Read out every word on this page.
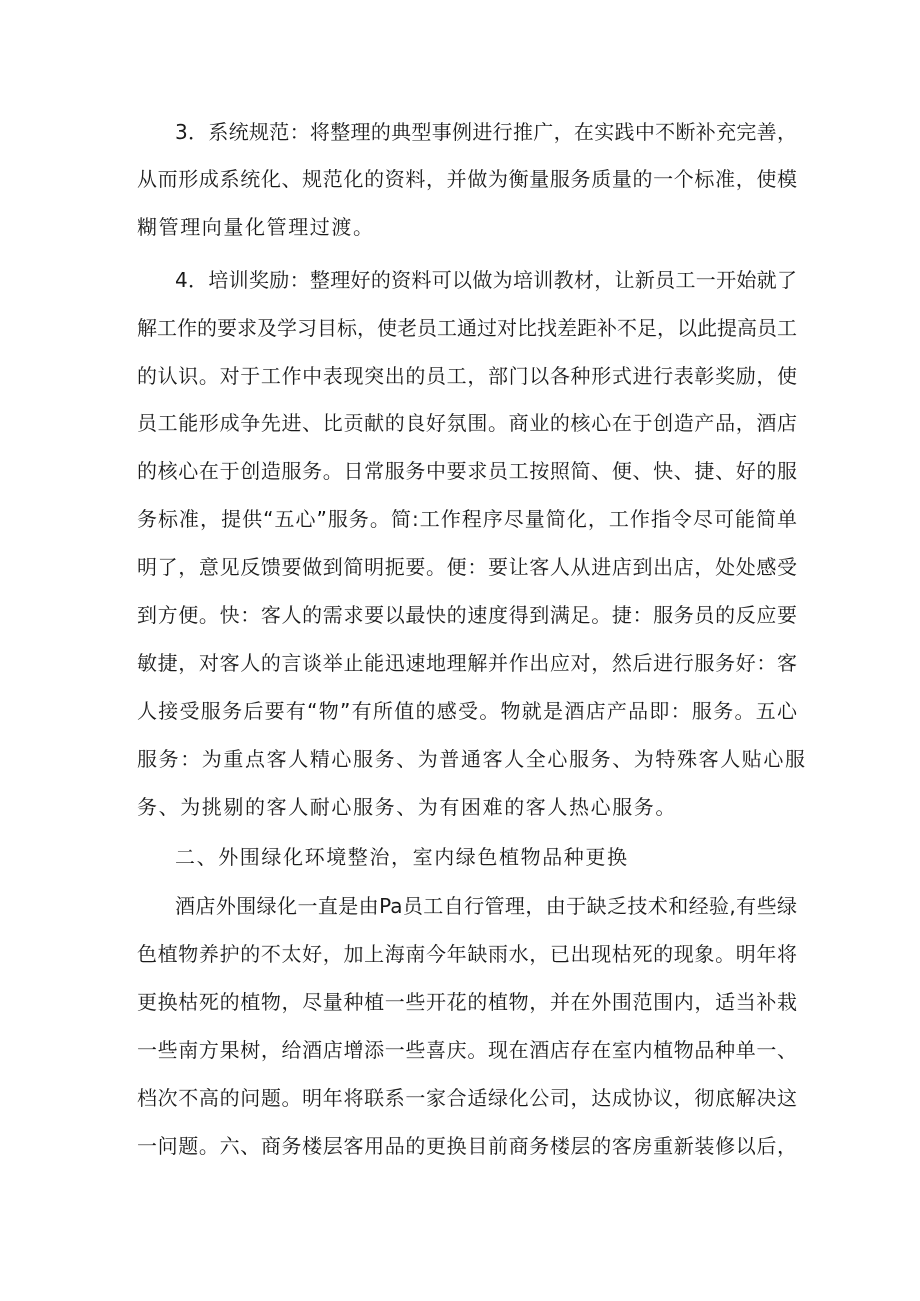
3．系统规范：将整理的典型事例进行推广，在实践中不断补充完善，
从而形成系统化、规范化的资料，并做为衡量服务质量的一个标准，使模
糊管理向量化管理过渡。
4．培训奖励：整理好的资料可以做为培训教材，让新员工一开始就了
解工作的要求及学习目标，使老员工通过对比找差距补不足，以此提高员工
的认识。对于工作中表现突出的员工，部门以各种形式进行表彰奖励，使
员工能形成争先进、比贡献的良好氛围。商业的核心在于创造产品，酒店
的核心在于创造服务。日常服务中要求员工按照简、便、快、捷、好的服
务标准，提供“五心”服务。简:工作程序尽量简化，工作指令尽可能简单
明了，意见反馈要做到简明扼要。便：要让客人从进店到出店，处处感受
到方便。快：客人的需求要以最快的速度得到满足。捷：服务员的反应要
敏捷，对客人的言谈举止能迅速地理解并作出应对，然后进行服务好：客
人接受服务后要有“物”有所值的感受。物就是酒店产品即：服务。五心
服务：为重点客人精心服务、为普通客人全心服务、为特殊客人贴心服
务、为挑剔的客人耐心服务、为有困难的客人热心服务。
二、外围绿化环境整治，室内绿色植物品种更换
酒店外围绿化一直是由Pa员工自行管理，由于缺乏技术和经验,有些绿
色植物养护的不太好，加上海南今年缺雨水，已出现枯死的现象。明年将
更换枯死的植物，尽量种植一些开花的植物，并在外围范围内，适当补栽
一些南方果树，给酒店增添一些喜庆。现在酒店存在室内植物品种单一、
档次不高的问题。明年将联系一家合适绿化公司，达成协议，彻底解决这
一问题。六、商务楼层客用品的更换目前商务楼层的客房重新装修以后，
